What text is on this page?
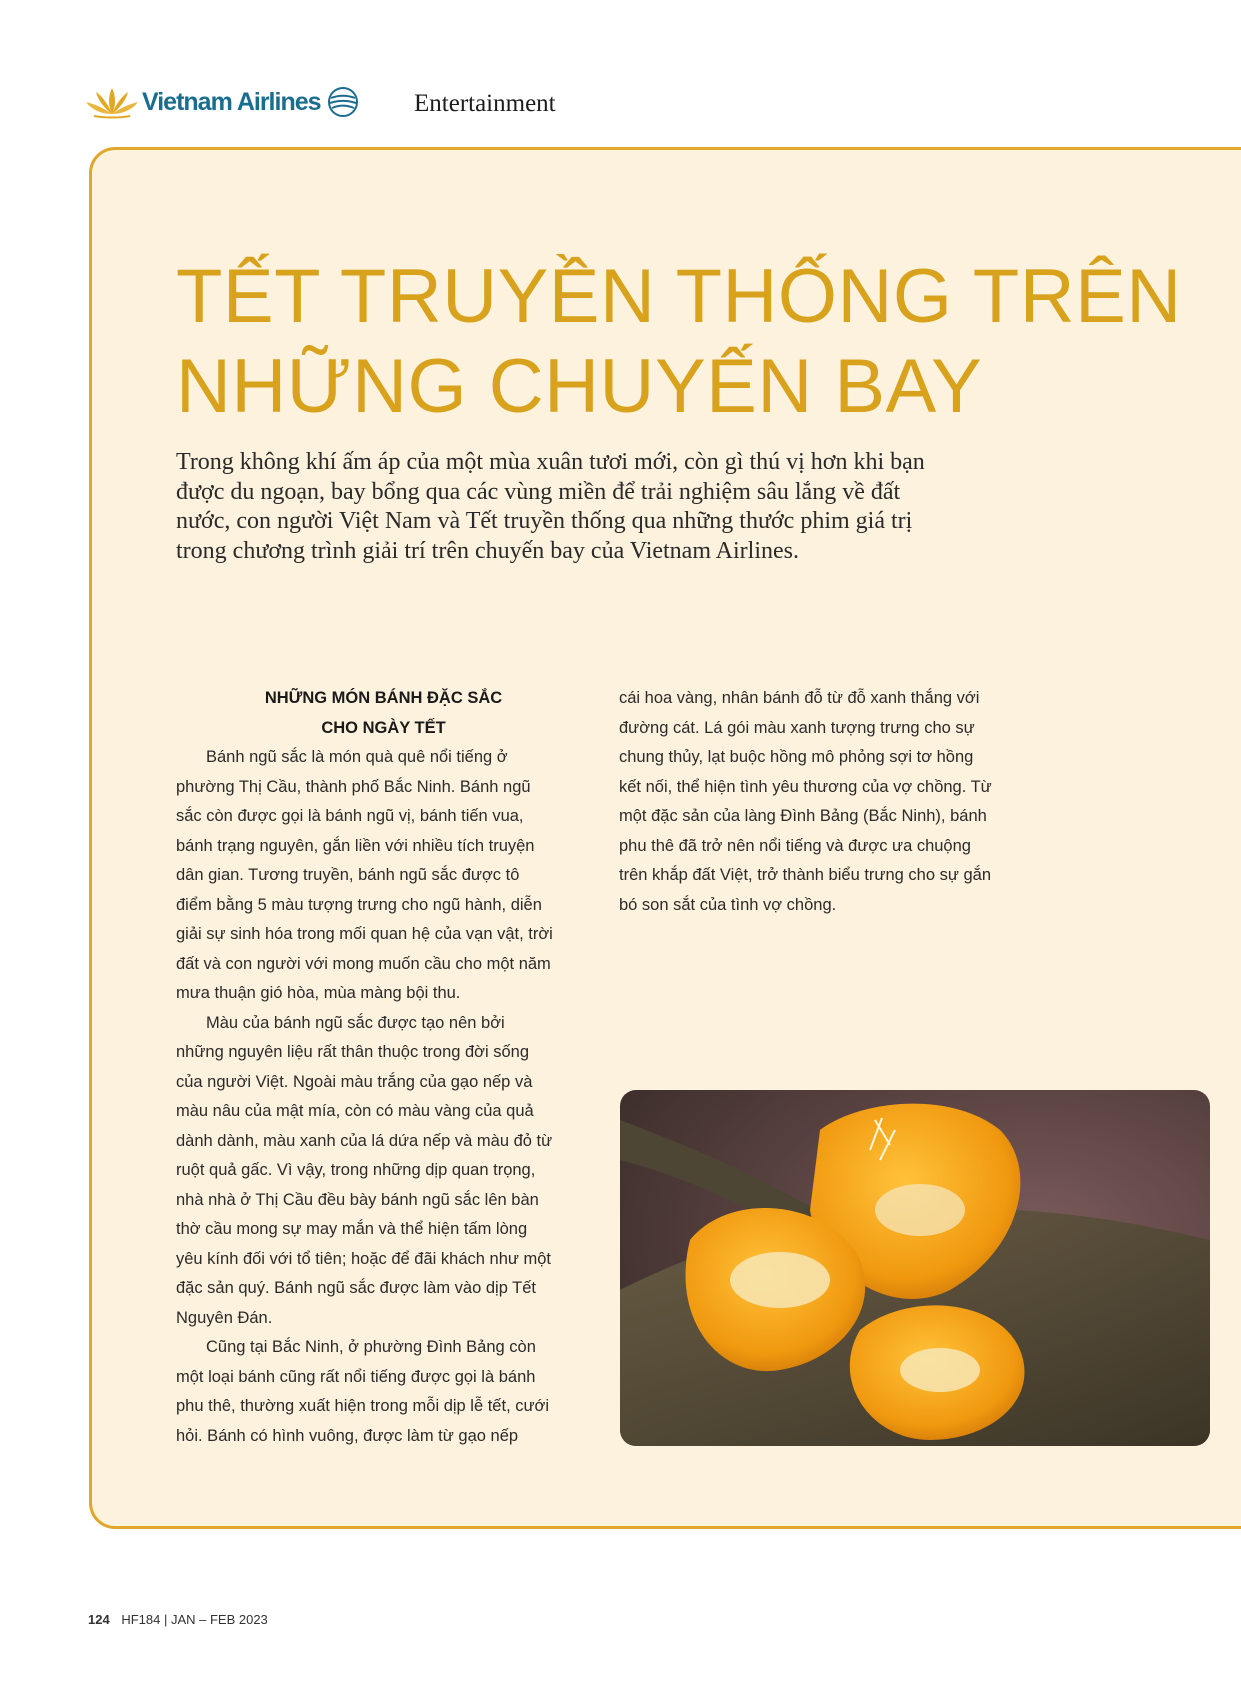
Vietnam Airlines	Entertainment
TẾT TRUYỀN THỐNG TRÊN
NHỮNG CHUYẾN BAY
Trong không khí ấm áp của một mùa xuân tươi mới, còn gì thú vị hơn khi bạn
được du ngoạn, bay bổng qua các vùng miền để trải nghiệm sâu lắng về đất
nước, con người Việt Nam và Tết truyền thống qua những thước phim giá trị
trong chương trình giải trí trên chuyến bay của Vietnam Airlines.
NHỮNG MÓN BÁNH ĐẶC SẮC
CHO NGÀY TẾT
Bánh ngũ sắc là món quà quê nổi tiếng ở
phường Thị Cầu, thành phố Bắc Ninh. Bánh ngũ
sắc còn được gọi là bánh ngũ vị, bánh tiến vua,
bánh trạng nguyên, gắn liền với nhiều tích truyện
dân gian. Tương truyền, bánh ngũ sắc được tô
điểm bằng 5 màu tượng trưng cho ngũ hành, diễn
giải sự sinh hóa trong mối quan hệ của vạn vật, trời
đất và con người với mong muốn cầu cho một năm
mưa thuận gió hòa, mùa màng bội thu.
Màu của bánh ngũ sắc được tạo nên bởi
những nguyên liệu rất thân thuộc trong đời sống
của người Việt. Ngoài màu trắng của gạo nếp và
màu nâu của mật mía, còn có màu vàng của quả
dành dành, màu xanh của lá dứa nếp và màu đỏ từ
ruột quả gấc. Vì vậy, trong những dịp quan trọng,
nhà nhà ở Thị Cầu đều bày bánh ngũ sắc lên bàn
thờ cầu mong sự may mắn và thể hiện tấm lòng
yêu kính đối với tổ tiên; hoặc để đãi khách như một
đặc sản quý. Bánh ngũ sắc được làm vào dịp Tết
Nguyên Đán.
Cũng tại Bắc Ninh, ở phường Đình Bảng còn
một loại bánh cũng rất nổi tiếng được gọi là bánh
phu thê, thường xuất hiện trong mỗi dịp lễ tết, cưới
hỏi. Bánh có hình vuông, được làm từ gạo nếp
cái hoa vàng, nhân bánh đỗ từ đỗ xanh thắng với
đường cát. Lá gói màu xanh tượng trưng cho sự
chung thủy, lạt buộc hồng mô phỏng sợi tơ hồng
kết nối, thể hiện tình yêu thương của vợ chồng. Từ
một đặc sản của làng Đình Bảng (Bắc Ninh), bánh
phu thê đã trở nên nổi tiếng và được ưa chuộng
trên khắp đất Việt, trở thành biểu trưng cho sự gắn
bó son sắt của tình vợ chồng.
124 HF184 | JAN – FEB 2023
